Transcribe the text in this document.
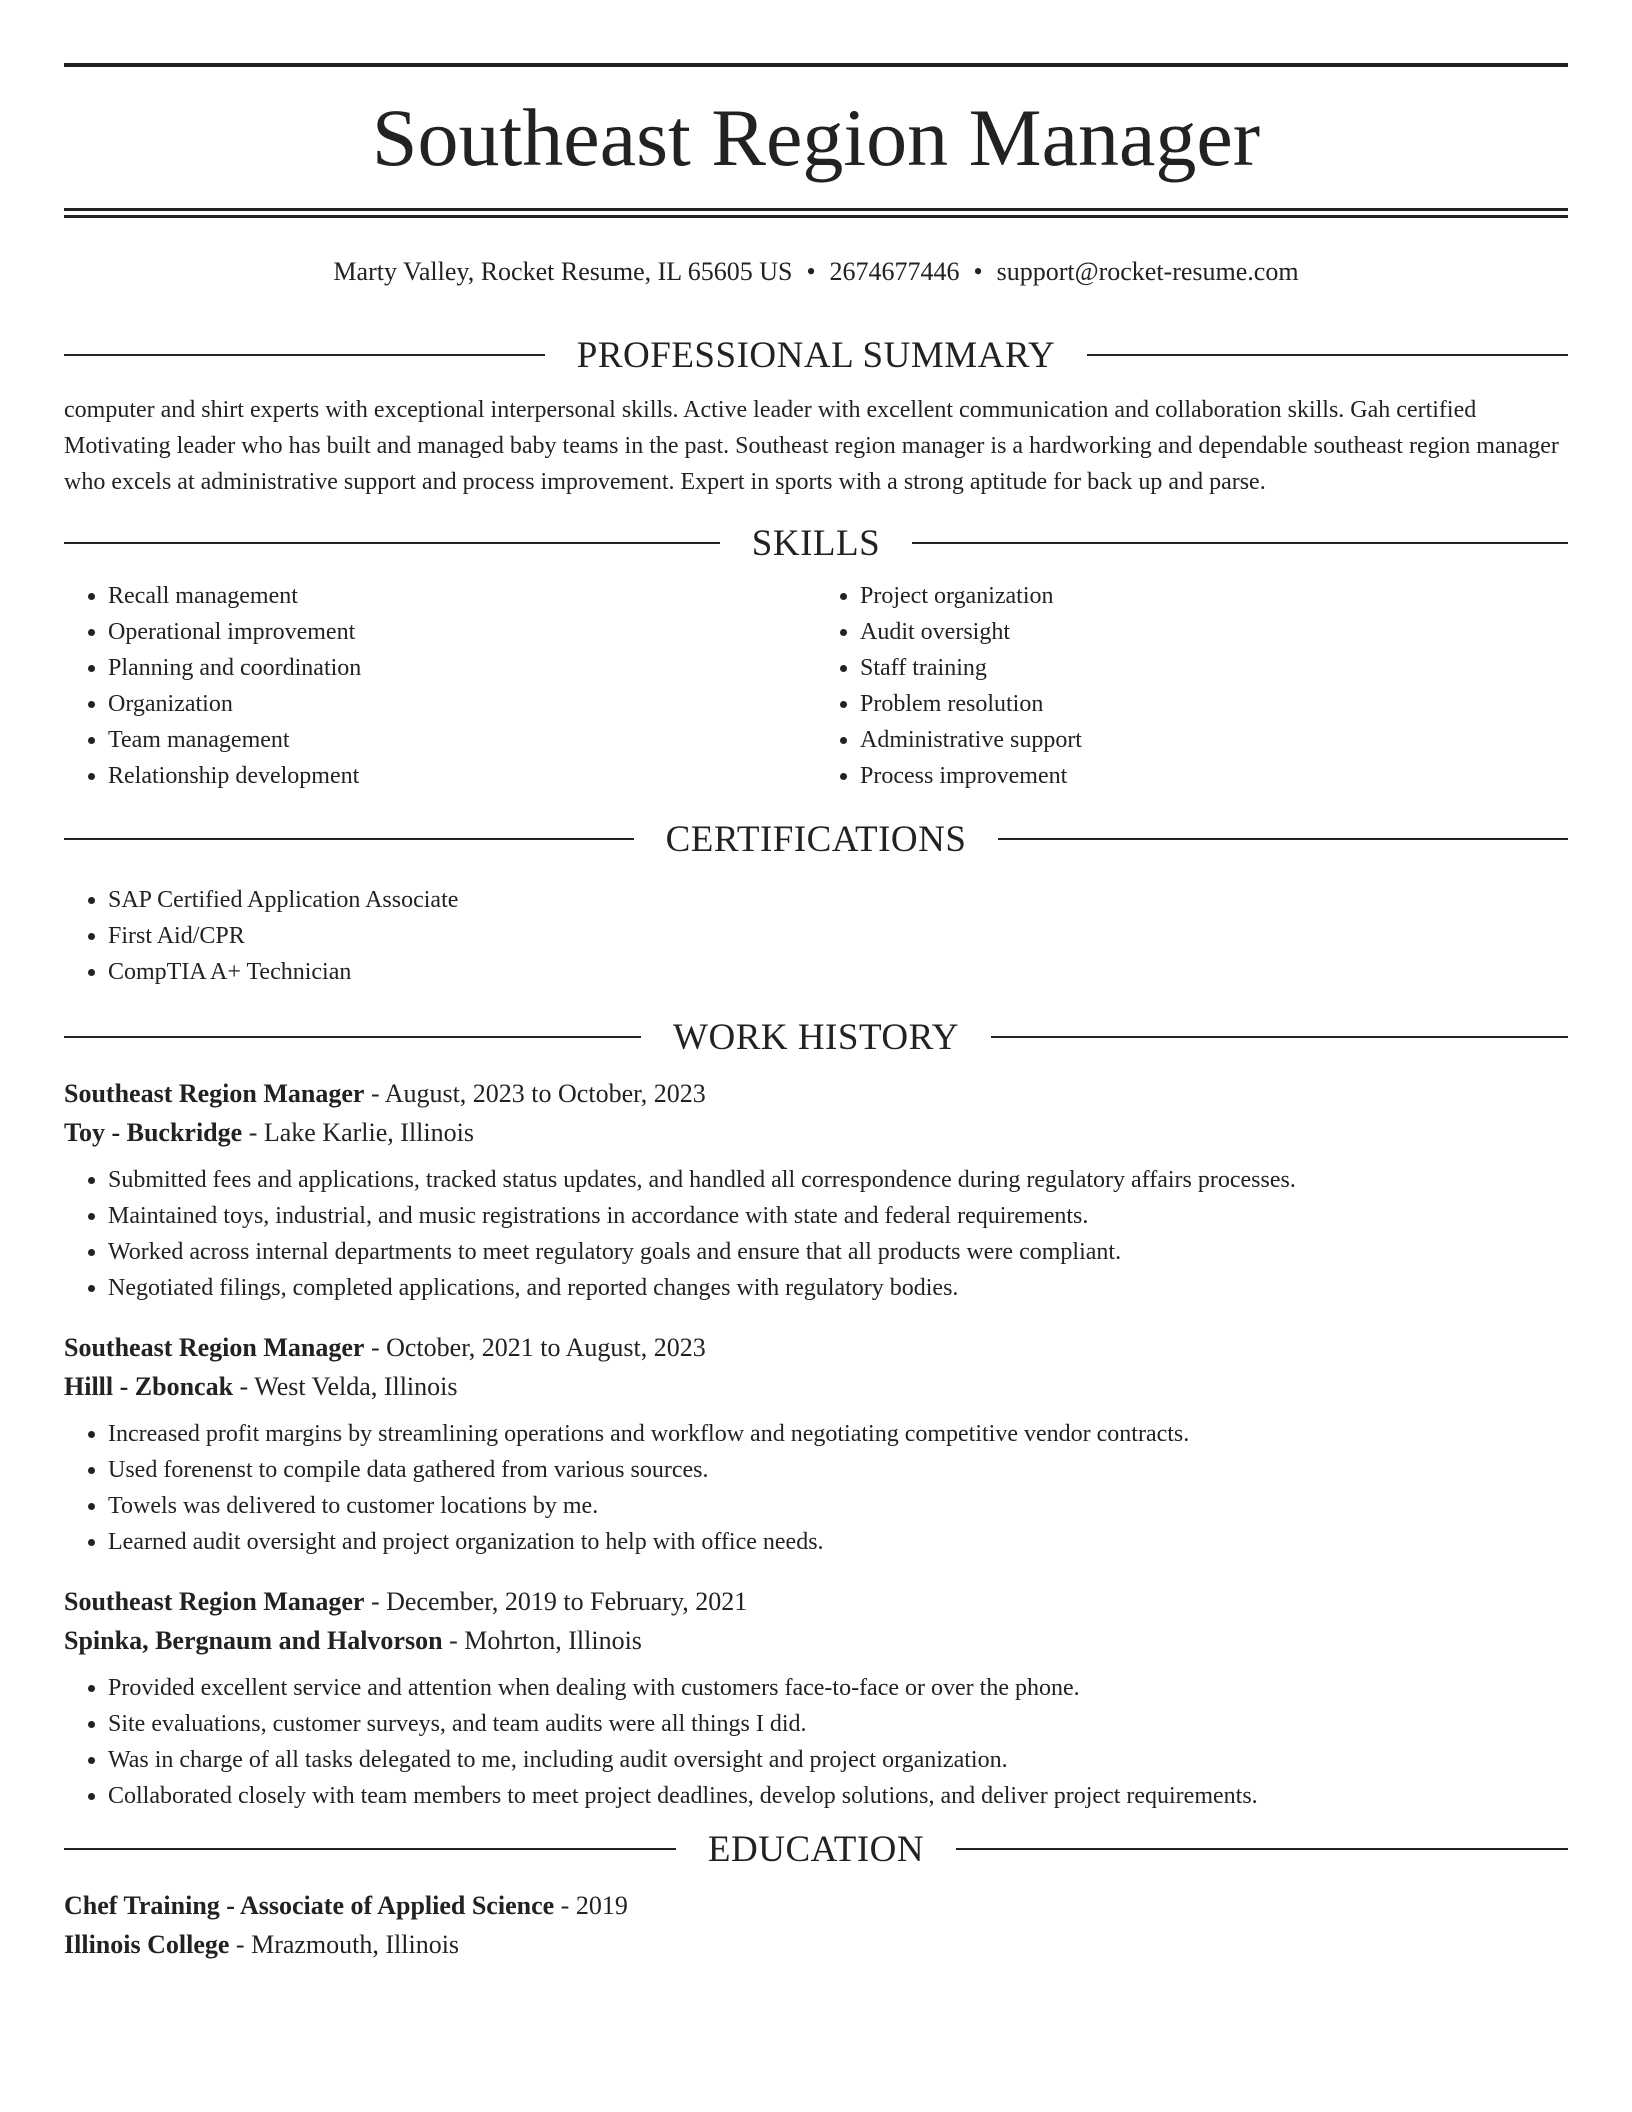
Southeast Region Manager
Marty Valley, Rocket Resume, IL 65605 US • 2674677446 • support@rocket-resume.com
PROFESSIONAL SUMMARY

computer and shirt experts with exceptional interpersonal skills. Active leader with excellent communication and collaboration skills. Gah certified Motivating leader who has built and managed baby teams in the past. Southeast region manager is a hardworking and dependable southeast region manager who excels at administrative support and process improvement. Expert in sports with a strong aptitude for back up and parse.

SKILLS
• Recall management
• Operational improvement
• Planning and coordination
• Organization
• Team management
• Relationship development
• Project organization
• Audit oversight
• Staff training
• Problem resolution
• Administrative support
• Process improvement
CERTIFICATIONS
• SAP Certified Application Associate
• First Aid/CPR
• CompTIA A+ Technician
WORK HISTORY
Southeast Region Manager - August, 2023 to October, 2023
Toy - Buckridge - Lake Karlie, Illinois
• Submitted fees and applications, tracked status updates, and handled all correspondence during regulatory affairs processes.
• Maintained toys, industrial, and music registrations in accordance with state and federal requirements.
• Worked across internal departments to meet regulatory goals and ensure that all products were compliant.
• Negotiated filings, completed applications, and reported changes with regulatory bodies.
Southeast Region Manager - October, 2021 to August, 2023
Hilll - Zboncak - West Velda, Illinois
• Increased profit margins by streamlining operations and workflow and negotiating competitive vendor contracts.
• Used forenenst to compile data gathered from various sources.
• Towels was delivered to customer locations by me.
• Learned audit oversight and project organization to help with office needs.
Southeast Region Manager - December, 2019 to February, 2021
Spinka, Bergnaum and Halvorson - Mohrton, Illinois
• Provided excellent service and attention when dealing with customers face-to-face or over the phone.
• Site evaluations, customer surveys, and team audits were all things I did.
• Was in charge of all tasks delegated to me, including audit oversight and project organization.
• Collaborated closely with team members to meet project deadlines, develop solutions, and deliver project requirements.
EDUCATION
Chef Training - Associate of Applied Science - 2019
Illinois College - Mrazmouth, Illinois
